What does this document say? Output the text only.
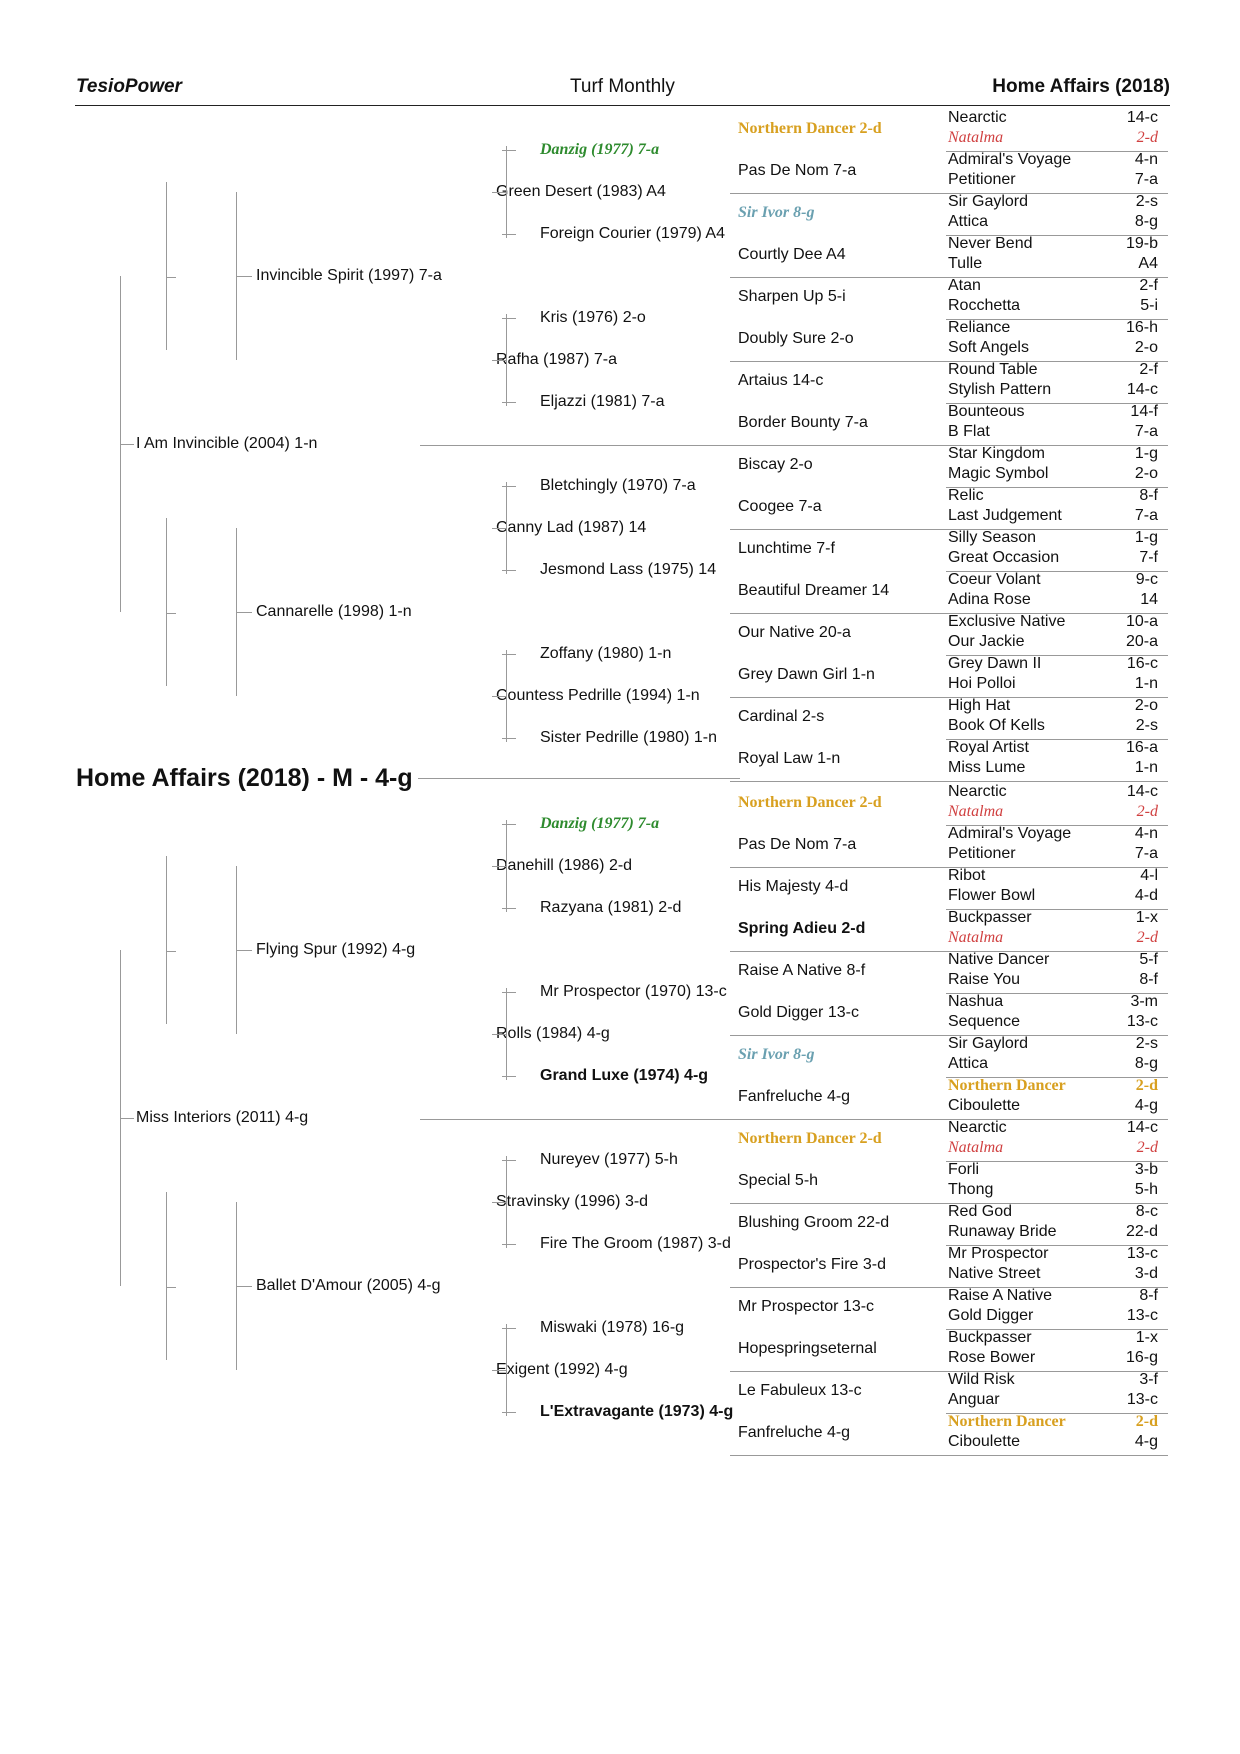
TesioPower	Turf Monthly	Home Affairs (2018)
Home Affairs (2018) - M - 4-g
I Am Invincible (2004) 1-n
Invincible Spirit (1997) 7-a
Green Desert (1983) A4
Danzig (1977) 7-a
Northern Dancer 2-d
Nearctic	14-c
Natalma	2-d
Pas De Nom 7-a
Admiral's Voyage	4-n
Petitioner	7-a
Foreign Courier (1979) A4
Sir Ivor 8-g
Sir Gaylord	2-s
Attica	8-g
Courtly Dee A4
Never Bend	19-b
Tulle	A4
Rafha (1987) 7-a
Kris (1976) 2-o
Sharpen Up 5-i
Atan	2-f
Rocchetta	5-i
Doubly Sure 2-o
Reliance	16-h
Soft Angels	2-o
Eljazzi (1981) 7-a
Artaius 14-c
Round Table	2-f
Stylish Pattern	14-c
Border Bounty 7-a
Bounteous	14-f
B Flat	7-a
Cannarelle (1998) 1-n
Canny Lad (1987) 14
Bletchingly (1970) 7-a
Biscay 2-o
Star Kingdom	1-g
Magic Symbol	2-o
Coogee 7-a
Relic	8-f
Last Judgement	7-a
Jesmond Lass (1975) 14
Lunchtime 7-f
Silly Season	1-g
Great Occasion	7-f
Beautiful Dreamer 14
Coeur Volant	9-c
Adina Rose	14
Countess Pedrille (1994) 1-n
Zoffany (1980) 1-n
Our Native 20-a
Exclusive Native	10-a
Our Jackie	20-a
Grey Dawn Girl 1-n
Grey Dawn II	16-c
Hoi Polloi	1-n
Sister Pedrille (1980) 1-n
Cardinal 2-s
High Hat	2-o
Book Of Kells	2-s
Royal Law 1-n
Royal Artist	16-a
Miss Lume	1-n
Miss Interiors (2011) 4-g
Flying Spur (1992) 4-g
Danehill (1986) 2-d
Danzig (1977) 7-a
Northern Dancer 2-d
Nearctic	14-c
Natalma	2-d
Pas De Nom 7-a
Admiral's Voyage	4-n
Petitioner	7-a
Razyana (1981) 2-d
His Majesty 4-d
Ribot	4-l
Flower Bowl	4-d
Spring Adieu 2-d
Buckpasser	1-x
Natalma	2-d
Rolls (1984) 4-g
Mr Prospector (1970) 13-c
Raise A Native 8-f
Native Dancer	5-f
Raise You	8-f
Gold Digger 13-c
Nashua	3-m
Sequence	13-c
Grand Luxe (1974) 4-g
Sir Ivor 8-g
Sir Gaylord	2-s
Attica	8-g
Fanfreluche 4-g
Northern Dancer	2-d
Ciboulette	4-g
Ballet D'Amour (2005) 4-g
Stravinsky (1996) 3-d
Nureyev (1977) 5-h
Northern Dancer 2-d
Nearctic	14-c
Natalma	2-d
Special 5-h
Forli	3-b
Thong	5-h
Fire The Groom (1987) 3-d
Blushing Groom 22-d
Red God	8-c
Runaway Bride	22-d
Prospector's Fire 3-d
Mr Prospector	13-c
Native Street	3-d
Exigent (1992) 4-g
Miswaki (1978) 16-g
Mr Prospector 13-c
Raise A Native	8-f
Gold Digger	13-c
Hopespringseternal
Buckpasser	1-x
Rose Bower	16-g
L'Extravagante (1973) 4-g
Le Fabuleux 13-c
Wild Risk	3-f
Anguar	13-c
Fanfreluche 4-g
Northern Dancer	2-d
Ciboulette	4-g
